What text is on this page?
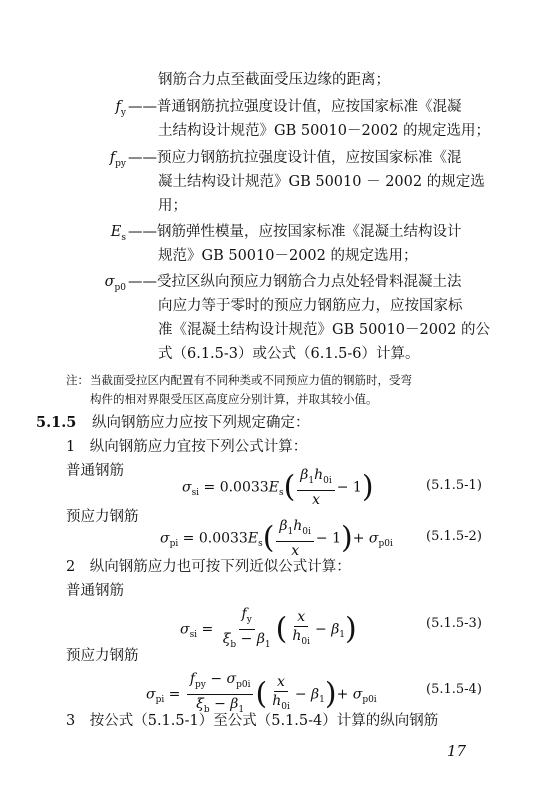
钢筋合力点至截面受压边缘的距离；
$f_y$ ——普通钢筋抗拉强度设计值，应按国家标准《混凝
土结构设计规范》GB 50010－2002 的规定选用；
$f_{py}$ ——预应力钢筋抗拉强度设计值，应按国家标准《混
凝土结构设计规范》GB 50010 － 2002 的规定选
用；
$E_s$ ——钢筋弹性模量，应按国家标准《混凝土结构设计
规范》GB 50010－2002 的规定选用；
$\sigma_{p0}$ ——受拉区纵向预应力钢筋合力点处轻骨料混凝土法
向应力等于零时的预应力钢筋应力，应按国家标
准《混凝土结构设计规范》GB 50010－2002 的公
式（6.1.5-3）或公式（6.1.5-6）计算。
注： 当截面受拉区内配置有不同种类或不同预应力值的钢筋时，受弯
构件的相对界限受压区高度应分别计算，并取其较小值。
5.1.5 纵向钢筋应力应按下列规定确定：
1　纵向钢筋应力宜按下列公式计算：
普通钢筋
$\sigma_{si} = 0.0033E_s( \frac{\beta_1h_{0i}}{x} - 1)$	(5.1.5-1)
预应力钢筋
$\sigma_{pi} = 0.0033E_s( \frac{\beta_1h_{0i}}{x} - 1)+ \sigma_{p0i}$
(5.1.5-2)
2　纵向钢筋应力也可按下列近似公式计算：
普通钢筋
$\sigma_{si} = \frac{f_y}{\xi_b - \beta_1}$ ( $\frac{x}{h_{0i}} - \beta_1$)	(5.1.5-3)
预应力钢筋
$\sigma_{pi} = \frac{f_{py} - \sigma_{p0i}}{\xi_b - \beta_1}$ ( $\frac{x}{h_{0i}} - \beta_1)+ \sigma_{p0i}$
(5.1.5-4)
3　按公式（5.1.5-1）至公式（5.1.5-4）计算的纵向钢筋
17
